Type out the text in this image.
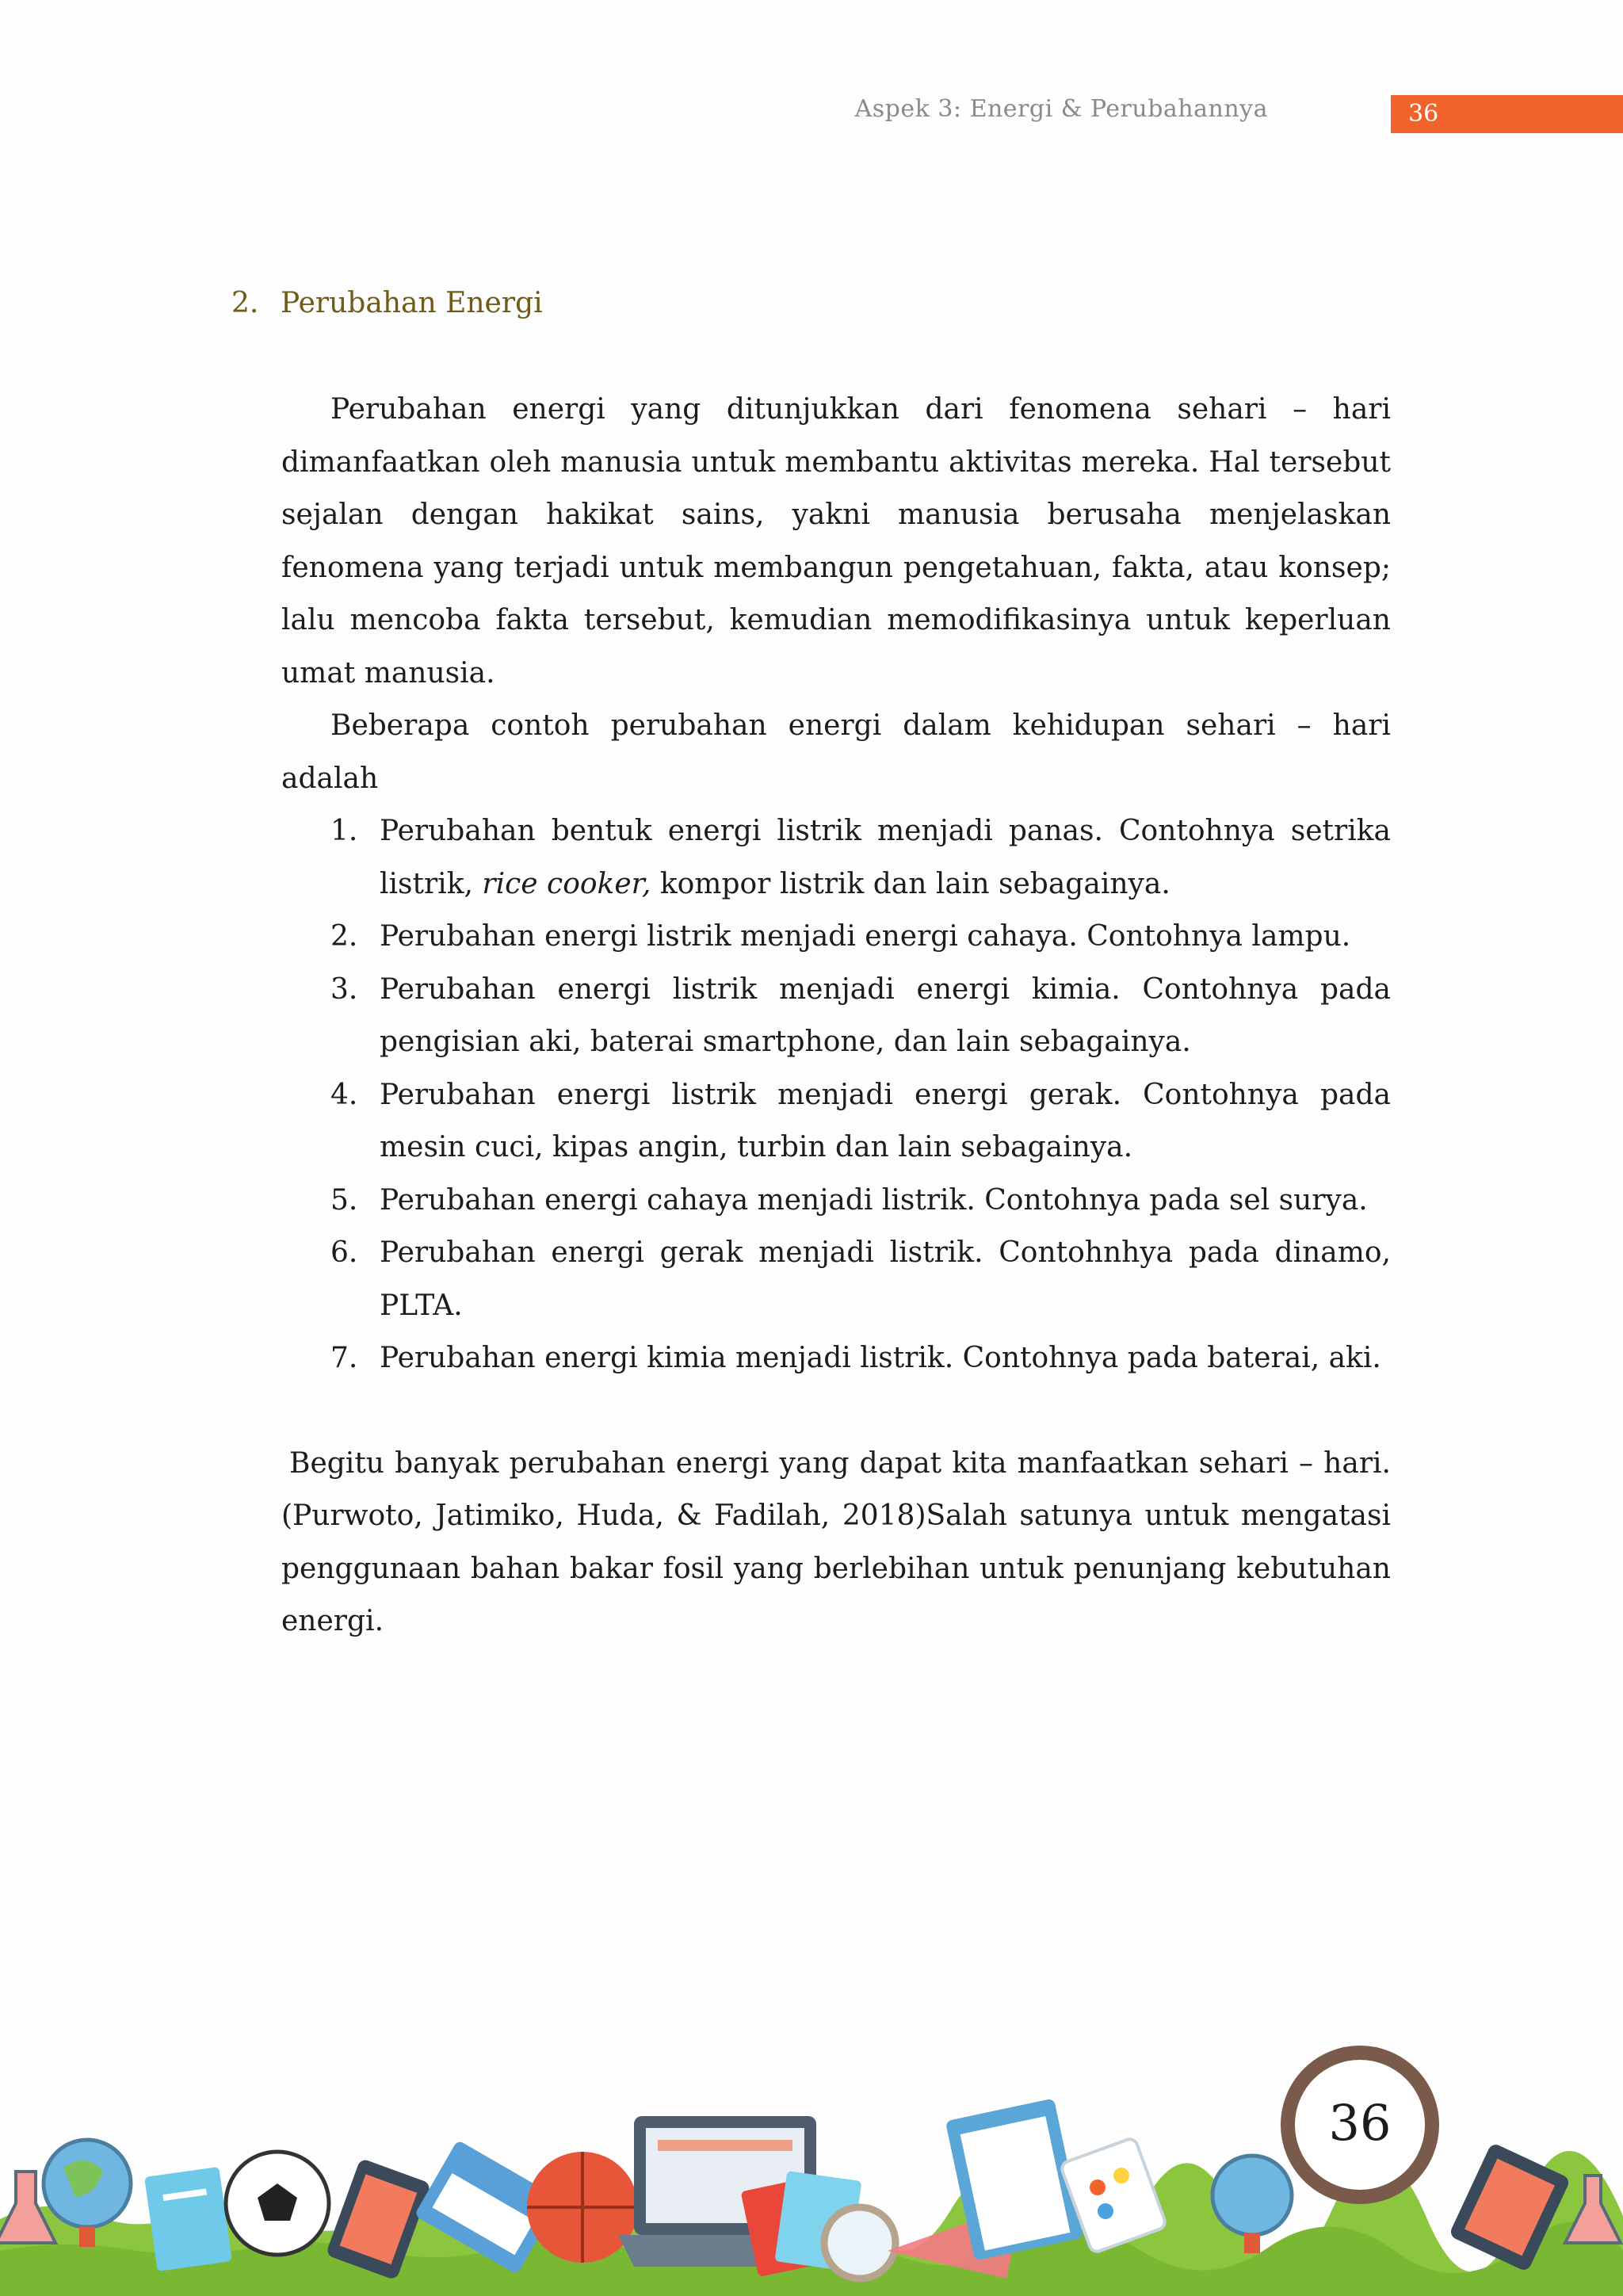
Aspek 3: Energi & Perubahannya	36
2. Perubahan Energi

Perubahan energi yang ditunjukkan dari fenomena sehari – hari dimanfaatkan oleh manusia untuk membantu aktivitas mereka. Hal tersebut sejalan dengan hakikat sains, yakni manusia berusaha menjelaskan fenomena yang terjadi untuk membangun pengetahuan, fakta, atau konsep; lalu mencoba fakta tersebut, kemudian memodifikasinya untuk keperluan umat manusia.

Beberapa contoh perubahan energi dalam kehidupan sehari – hari adalah

1. Perubahan bentuk energi listrik menjadi panas. Contohnya setrika listrik, rice cooker, kompor listrik dan lain sebagainya.
2. Perubahan energi listrik menjadi energi cahaya. Contohnya lampu.
3. Perubahan energi listrik menjadi energi kimia. Contohnya pada pengisian aki, baterai smartphone, dan lain sebagainya.
4. Perubahan energi listrik menjadi energi gerak. Contohnya pada mesin cuci, kipas angin, turbin dan lain sebagainya.
5. Perubahan energi cahaya menjadi listrik. Contohnya pada sel surya.
6. Perubahan energi gerak menjadi listrik. Contohnhya pada dinamo, PLTA.
7. Perubahan energi kimia menjadi listrik. Contohnya pada baterai, aki.

Begitu banyak perubahan energi yang dapat kita manfaatkan sehari – hari. (Purwoto, Jatimiko, Huda, & Fadilah, 2018)Salah satunya untuk mengatasi penggunaan bahan bakar fosil yang berlebihan untuk penunjang kebutuhan energi.

36
